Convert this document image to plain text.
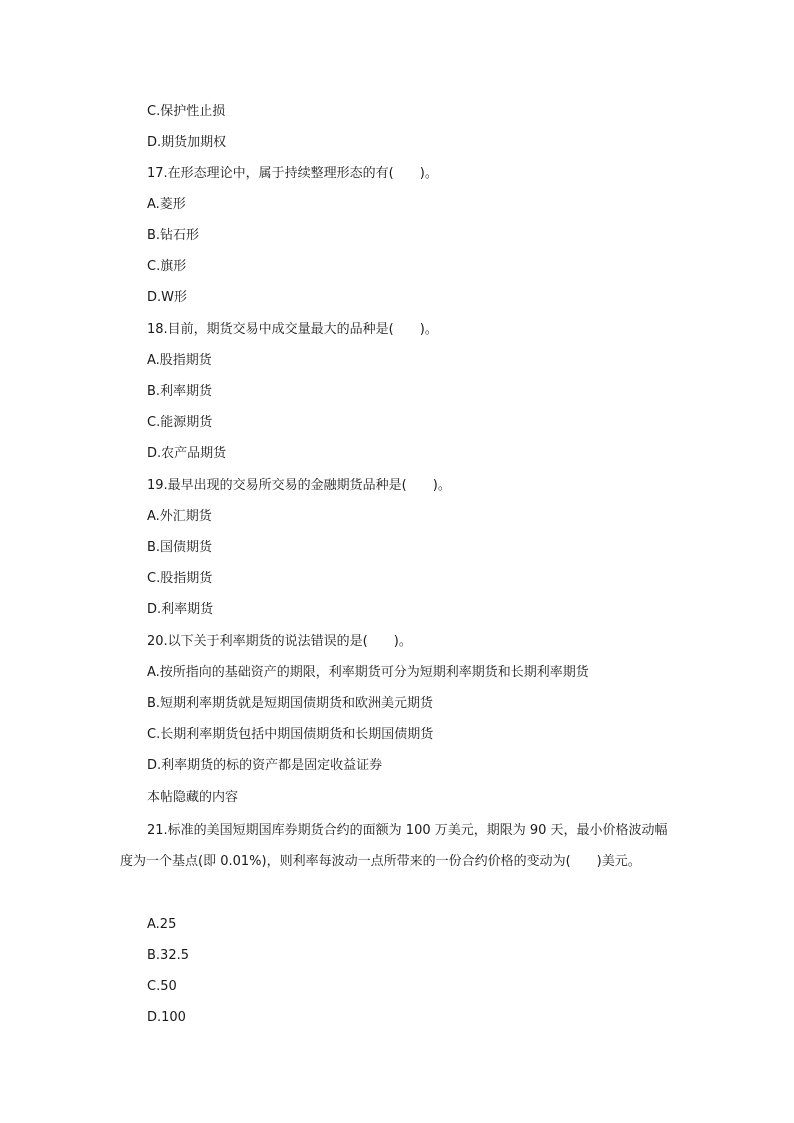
C.保护性止损
D.期货加期权
17.在形态理论中，属于持续整理形态的有(　　)。
A.菱形
B.钻石形
C.旗形
D.W形
18.目前，期货交易中成交量最大的品种是(　　)。
A.股指期货
B.利率期货
C.能源期货
D.农产品期货
19.最早出现的交易所交易的金融期货品种是(　　)。
A.外汇期货
B.国债期货
C.股指期货
D.利率期货
20.以下关于利率期货的说法错误的是(　　)。
A.按所指向的基础资产的期限，利率期货可分为短期利率期货和长期利率期货
B.短期利率期货就是短期国债期货和欧洲美元期货
C.长期利率期货包括中期国债期货和长期国债期货
D.利率期货的标的资产都是固定收益证券
本帖隐藏的内容
21.标准的美国短期国库券期货合约的面额为 100 万美元，期限为 90 天，最小价格波动幅度为一个基点(即 0.01%)，则利率每波动一点所带来的一份合约价格的变动为(　　)美元。
A.25
B.32.5
C.50
D.100
